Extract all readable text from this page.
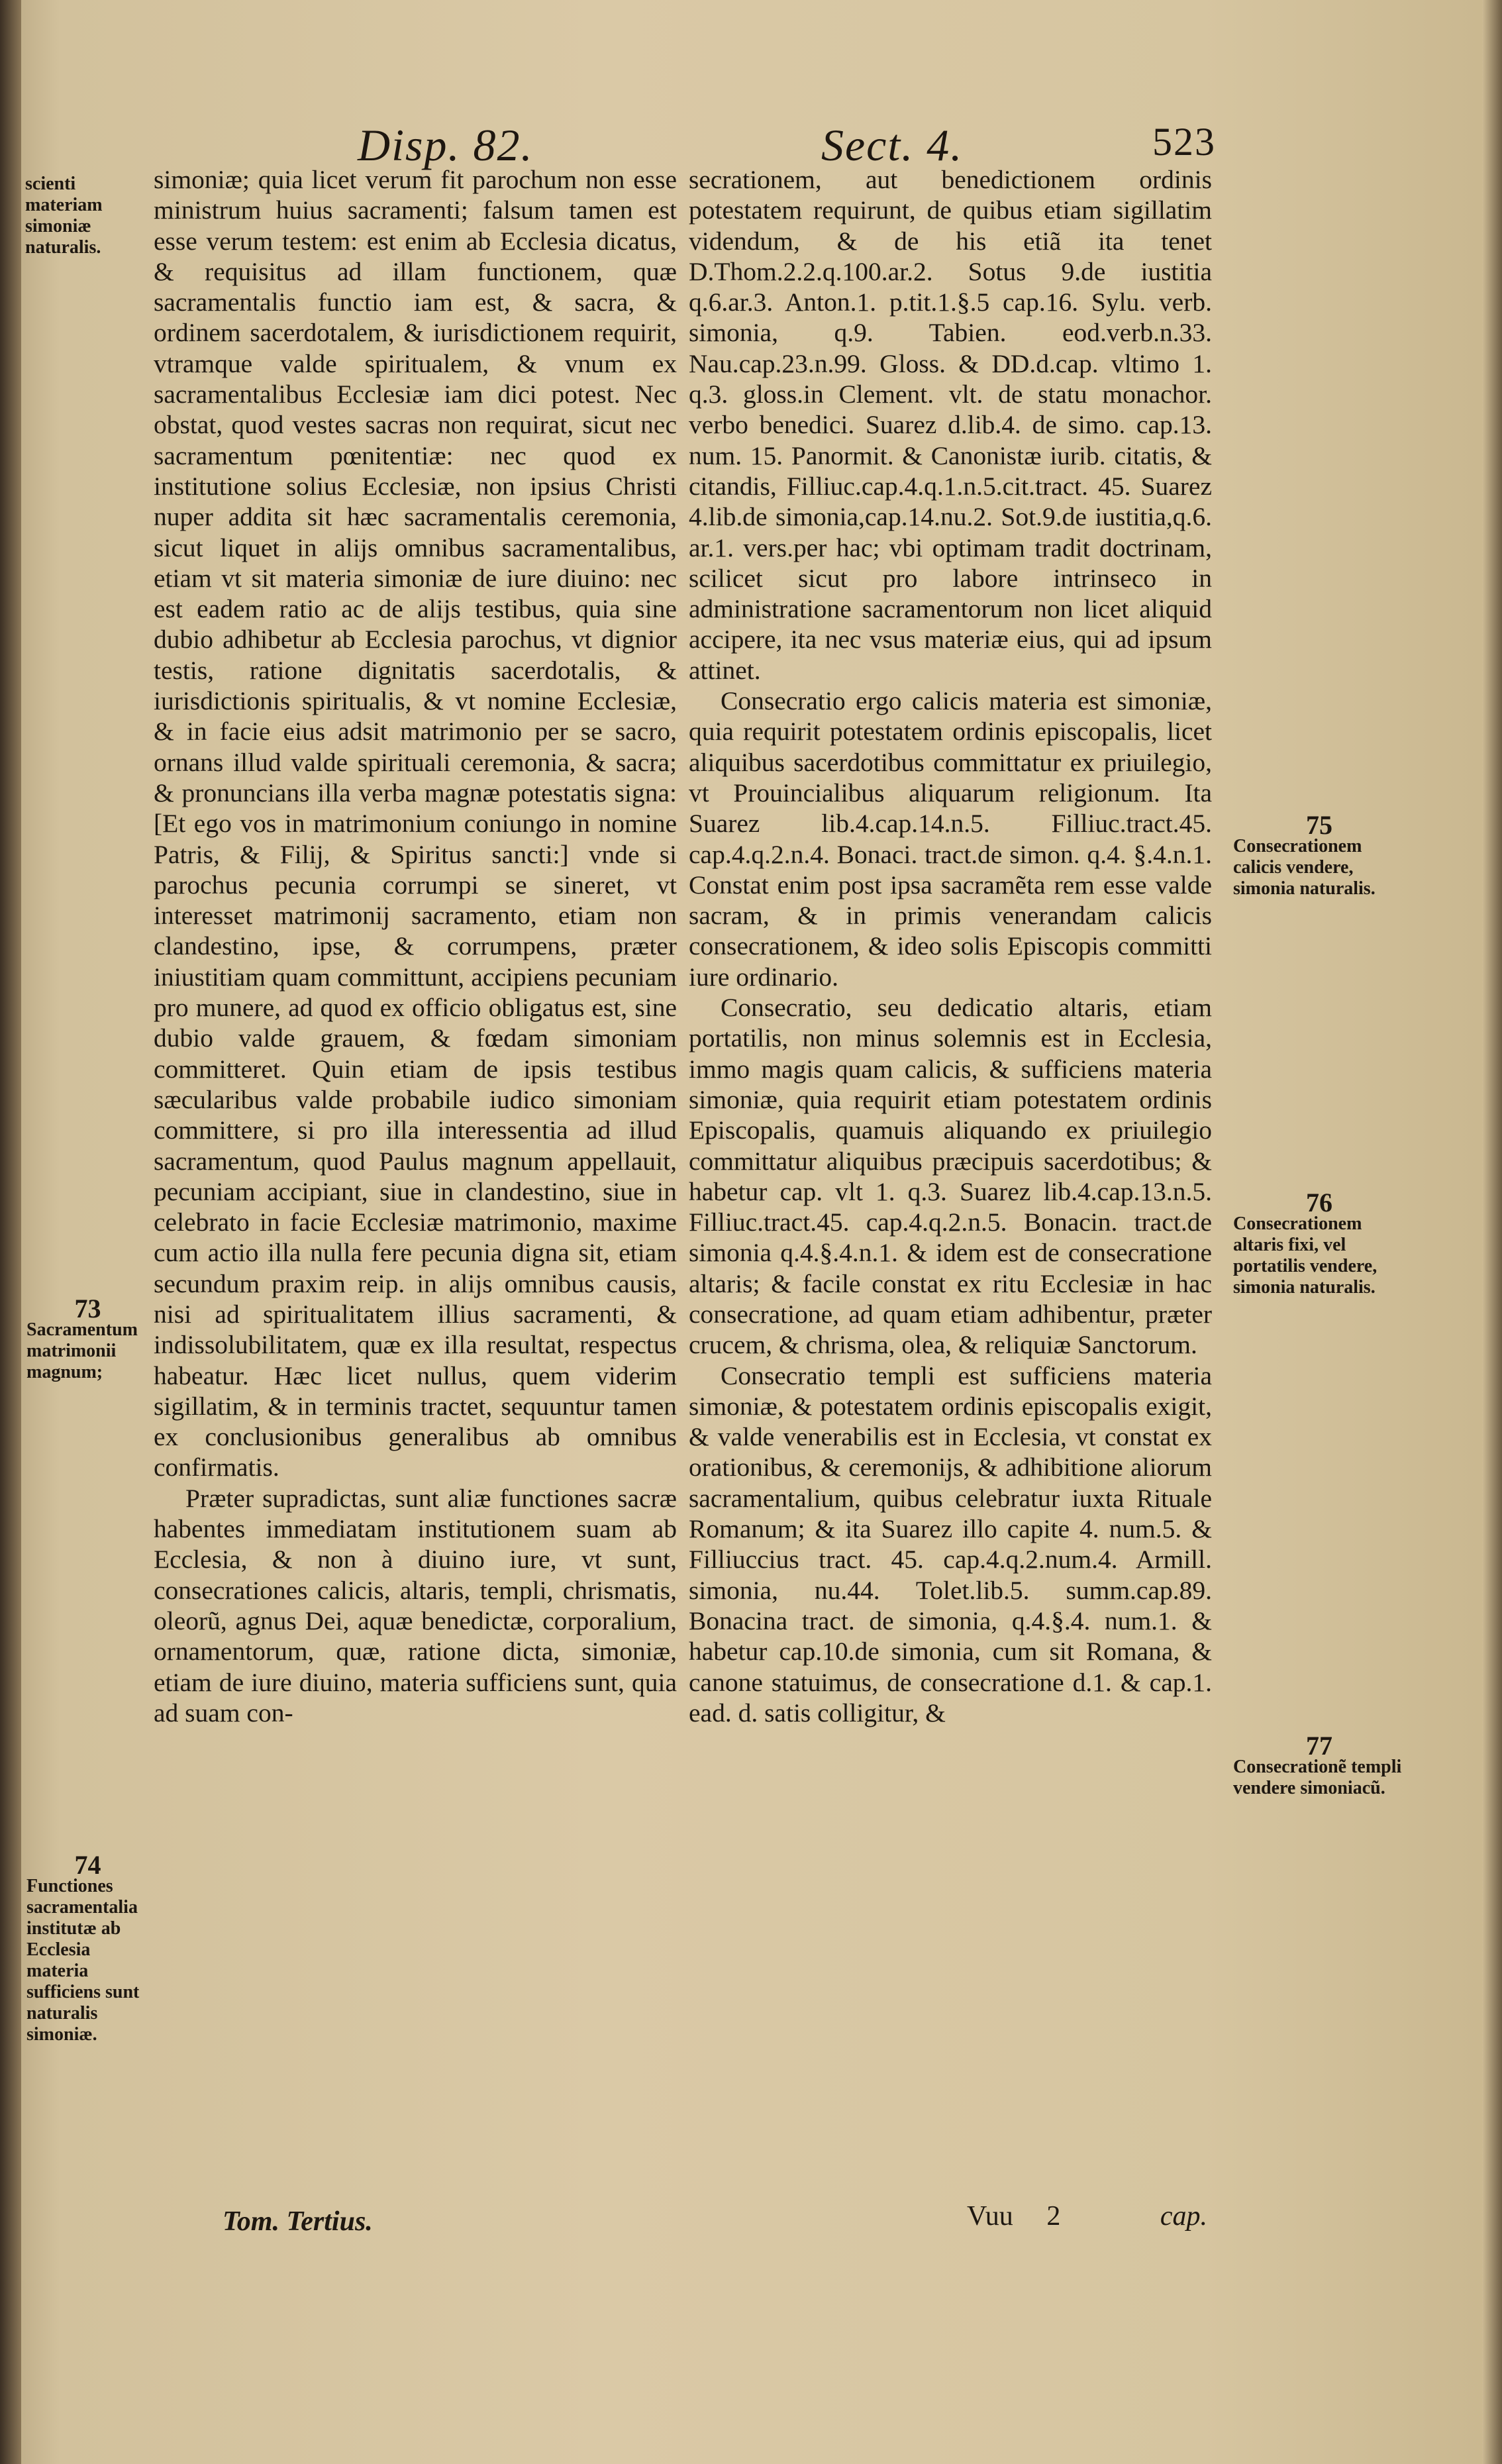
Disp. 82.	Sect. 4.	523

simoniæ; quia licet verum fit parochum non esse ministrum huius sacramenti; falsum tamen est esse verum testem: est enim ab Ecclesia dicatus, & requisitus ad illam functionem, quæ sacramentalis functio iam est, & sacra, & ordinem sacerdotalem, & iurisdictionem requirit, vtramque valde spiritualem, & vnum ex sacramentalibus Ecclesiæ iam dici potest. Nec obstat, quod vestes sacras non requirat, sicut nec sacramentum pœnitentiæ: nec quod ex institutione solius Ecclesiæ, non ipsius Christi nuper addita sit hæc sacramentalis ceremonia, sicut liquet in alijs omnibus sacramentalibus, etiam vt sit materia simoniæ de iure diuino: nec est eadem ratio ac de alijs testibus, quia sine dubio adhibetur ab Ecclesia parochus, vt dignior testis, ratione dignitatis sacerdotalis, & iurisdictionis spiritualis, & vt nomine Ecclesiæ, & in facie eius adsit matrimonio per se sacro, ornans illud valde spirituali ceremonia, & sacra; & pronuncians illa verba magnæ potestatis signa: [Et ego vos in matrimonium coniungo in nomine Patris, & Filij, & Spiritus sancti:] vnde si parochus pecunia corrumpi se sineret, vt interesset matrimonij sacramento, etiam non clandestino, ipse, & corrumpens, prӕter iniustitiam quam committunt, accipiens pecuniam pro munere, ad quod ex officio obligatus est, sine dubio valde grauem, & fœdam simoniam committeret. Quin etiam de ipsis testibus sæcularibus valde probabile iudico simoniam committere, si pro illa interessentia ad illud sacramentum, quod Paulus magnum appellauit, pecuniam accipiant, siue in clandestino, siue in celebrato in facie Ecclesiæ matrimonio, maxime cum actio illa nulla fere pecunia digna sit, etiam secundum praxim reip. in alijs omnibus causis, nisi ad spiritualitatem illius sacramenti, & indissolubilitatem, quæ ex illa resultat, respectus habeatur. Hæc licet nullus, quem viderim sigillatim, & in terminis tractet, sequuntur tamen ex conclusionibus generalibus ab omnibus confirmatis.

Præter supradictas, sunt aliæ functiones sacræ habentes immediatam institutionem suam ab Ecclesia, & non à diuino iure, vt sunt, consecrationes calicis, altaris, templi, chrismatis, oleorũ, agnus Dei, aquæ benedictæ, corporalium, ornamentorum, quæ, ratione dicta, simoniæ, etiam de iure diuino, materia sufficiens sunt, quia ad suam con-

secrationem, aut benedictionem ordinis potestatem requirunt, de quibus etiam sigillatim videndum, & de his etiã ita tenet D.Thom.2.2.q.100.ar.2. Sotus 9.de iustitia q.6.ar.3. Anton.1. p.tit.1.§.5 cap.16. Sylu. verb. simonia, q.9. Tabien. eod.verb.n.33. Nau.cap.23.n.99. Gloss. & DD.d.cap. vltimo 1. q.3. gloss.in Clement. vlt. de statu monachor. verbo benedici. Suarez d.lib.4. de simo. cap.13. num. 15. Panormit. & Canonistæ iurib. citatis, & citandis, Filliuc.cap.4.q.1.n.5.cit.tract. 45. Suarez 4.lib.de simonia,cap.14.nu.2. Sot.9.de iustitia,q.6. ar.1. vers.per hac; vbi optimam tradit doctrinam, scilicet sicut pro labore intrinseco in administratione sacramentorum non licet aliquid accipere, ita nec vsus materiæ eius, qui ad ipsum attinet.

Consecratio ergo calicis materia est simoniæ, quia requirit potestatem ordinis episcopalis, licet aliquibus sacerdotibus committatur ex priuilegio, vt Prouincialibus aliquarum religionum. Ita Suarez lib.4.cap.14.n.5. Filliuc.tract.45. cap.4.q.2.n.4. Bonaci. tract.de simon. q.4. §.4.n.1. Constat enim post ipsa sacramẽta rem esse valde sacram, & in primis venerandam calicis consecrationem, & ideo solis Episcopis committi iure ordinario.

Consecratio, seu dedicatio altaris, etiam portatilis, non minus solemnis est in Ecclesia, immo magis quam calicis, & sufficiens materia simoniæ, quia requirit etiam potestatem ordinis Episcopalis, quamuis aliquando ex priuilegio committatur aliquibus præcipuis sacerdotibus; & habetur cap. vlt 1. q.3. Suarez lib.4.cap.13.n.5. Filliuc.tract.45. cap.4.q.2.n.5. Bonacin. tract.de simonia q.4.§.4.n.1. & idem est de consecratione altaris; & facile constat ex ritu Ecclesiæ in hac consecratione, ad quam etiam adhibentur, præter crucem, & chrisma, olea, & reliquiæ Sanctorum.

Consecratio templi est sufficiens materia simoniæ, & potestatem ordinis episcopalis exigit, & valde venerabilis est in Ecclesia, vt constat ex orationibus, & ceremonijs, & adhibitione aliorum sacramentalium, quibus celebratur iuxta Rituale Romanum; & ita Suarez illo capite 4. num.5. & Filliuccius tract. 45. cap.4.q.2.num.4. Armill. simonia, nu.44. Tolet.lib.5. summ.cap.89. Bonacina tract. de simonia, q.4.§.4. num.1. & habetur cap.10.de simonia, cum sit Romana, & canone statuimus, de consecratione d.1. & cap.1. ead. d. satis colligitur, &

scienti materiam simoniæ naturalis.
73
Sacramentum matrimonii magnum;
74
Functiones sacramentalia institutæ ab Ecclesia materia sufficiens sunt naturalis simoniæ.
75
Consecrationem calicis vendere, simonia naturalis.
76
Consecrationem altaris fixi, vel portatilis vendere, simonia naturalis.
77
Consecrationẽ templi vendere simoniacũ.
Tom. Tertius.	Vuu 2	cap.
